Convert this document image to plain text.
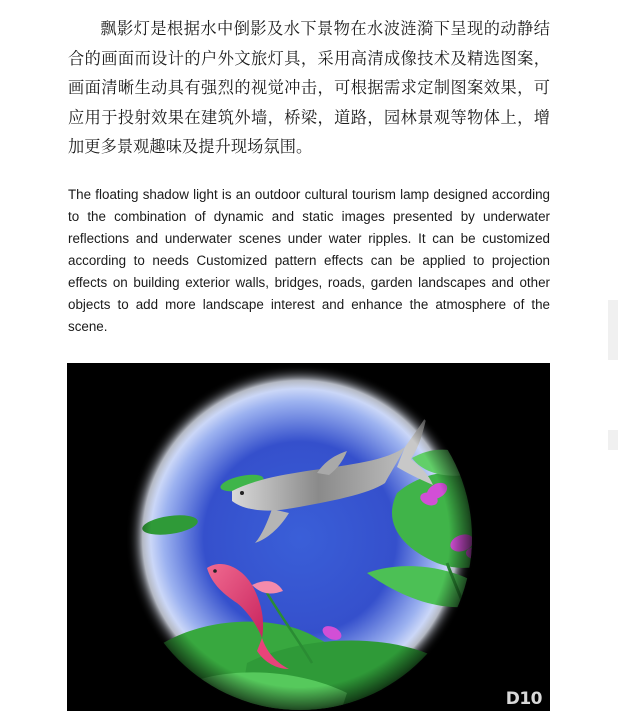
飘影灯是根据水中倒影及水下景物在水波涟漪下呈现的动静结合的画面而设计的户外文旅灯具，采用高清成像技术及精选图案，画面清晰生动具有强烈的视觉冲击，可根据需求定制图案效果，可应用于投射效果在建筑外墙，桥梁，道路，园林景观等物体上，增加更多景观趣味及提升现场氛围。

The floating shadow light is an outdoor cultural tourism lamp designed according to the combination of dynamic and static images presented by underwater reflections and underwater scenes under water ripples. It can be customized according to needs Customized pattern effects can be applied to projection effects on building exterior walls, bridges, roads, garden landscapes and other objects to add more landscape interest and enhance the atmosphere of the scene.

D10
